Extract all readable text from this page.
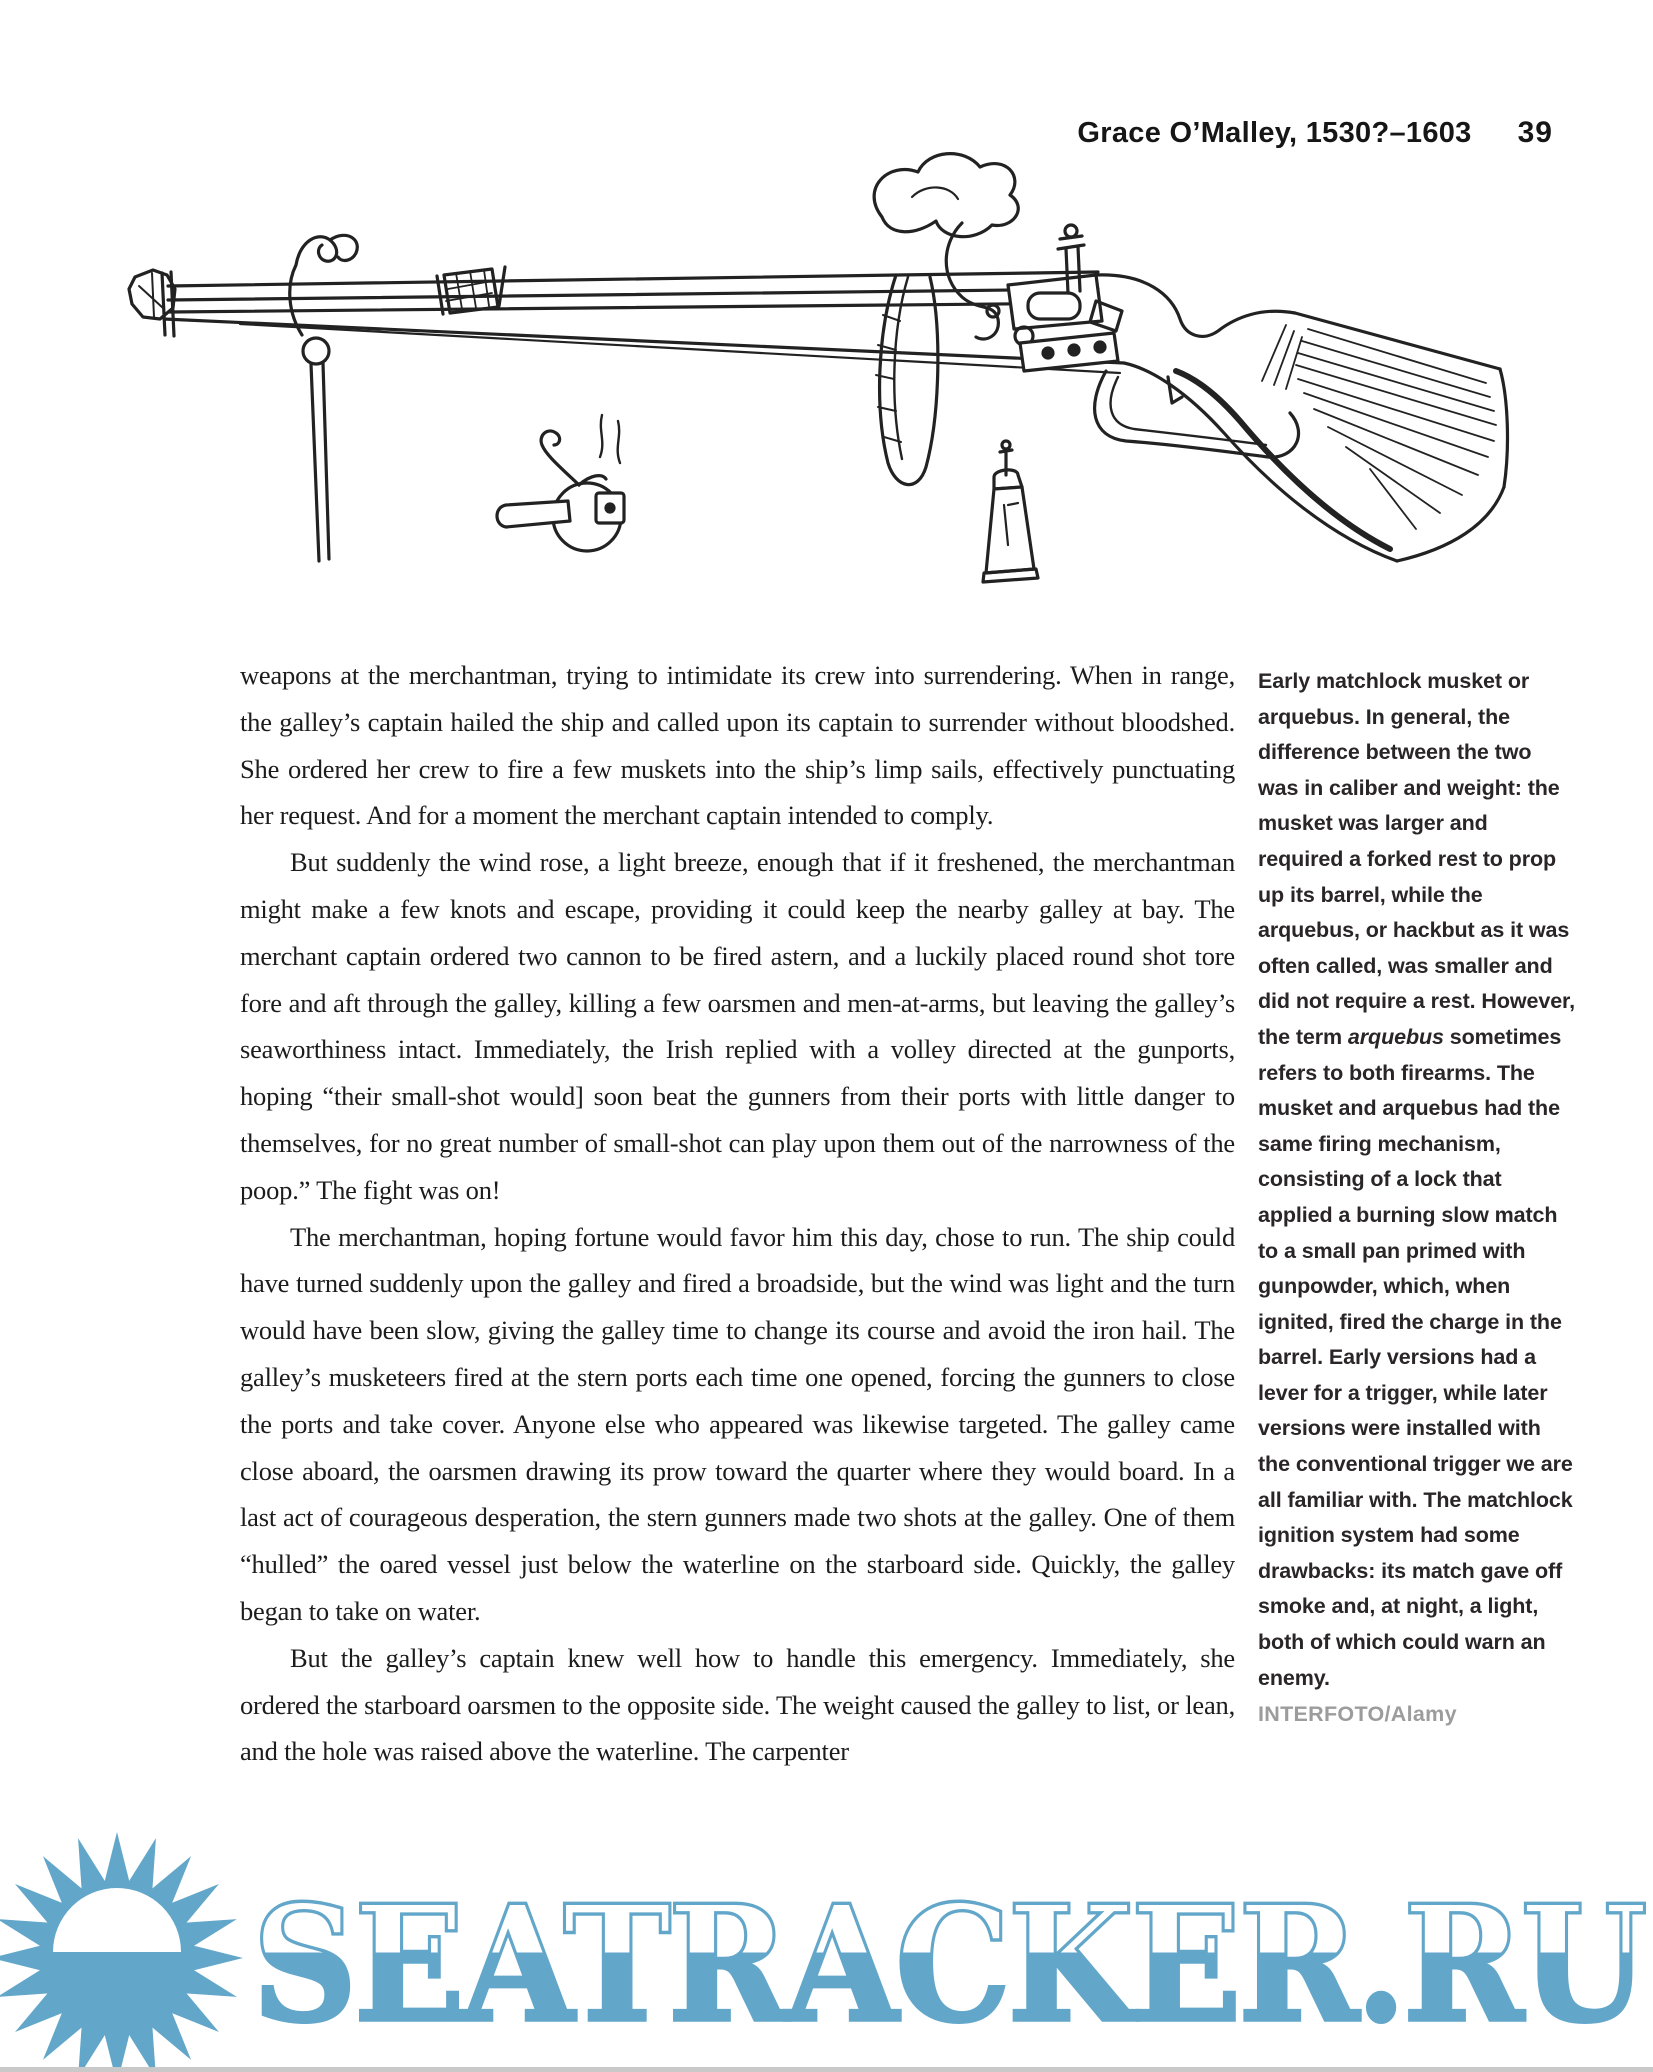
Grace O’Malley, 1530?–1603 39

weapons at the merchantman, trying to intimidate its crew into surrendering. When in range, the galley’s captain hailed the ship and called upon its captain to surrender without bloodshed. She ordered her crew to fire a few muskets into the ship’s limp sails, effectively punctuating her request. And for a moment the merchant captain intended to comply.

But suddenly the wind rose, a light breeze, enough that if it freshened, the merchantman might make a few knots and escape, providing it could keep the nearby galley at bay. The merchant captain ordered two cannon to be fired astern, and a luckily placed round shot tore fore and aft through the galley, killing a few oarsmen and men-at-arms, but leaving the galley’s seaworthiness intact. Immediately, the Irish replied with a volley directed at the gunports, hoping “their small-shot would] soon beat the gunners from their ports with little danger to themselves, for no great number of small-shot can play upon them out of the narrowness of the poop.” The fight was on!

The merchantman, hoping fortune would favor him this day, chose to run. The ship could have turned suddenly upon the galley and fired a broadside, but the wind was light and the turn would have been slow, giving the galley time to change its course and avoid the iron hail. The galley’s musketeers fired at the stern ports each time one opened, forcing the gunners to close the ports and take cover. Anyone else who appeared was likewise targeted. The galley came close aboard, the oarsmen drawing its prow toward the quarter where they would board. In a last act of courageous desperation, the stern gunners made two shots at the galley. One of them “hulled” the oared vessel just below the waterline on the starboard side. Quickly, the galley began to take on water.

But the galley’s captain knew well how to handle this emergency. Immediately, she ordered the starboard oarsmen to the opposite side. The weight caused the galley to list, or lean, and the hole was raised above the waterline. The carpenter

Early matchlock musket or arquebus. In general, the difference between the two was in caliber and weight: the musket was larger and required a forked rest to prop up its barrel, while the arquebus, or hackbut as it was often called, was smaller and did not require a rest. However, the term arquebus sometimes refers to both firearms. The musket and arquebus had the same firing mechanism, consisting of a lock that applied a burning slow match to a small pan primed with gunpowder, which, when ignited, fired the charge in the barrel. Early versions had a lever for a trigger, while later versions were installed with the conventional trigger we are all familiar with. The matchlock ignition system had some drawbacks: its match gave off smoke and, at night, a light, both of which could warn an enemy.
INTERFOTO/Alamy
SEATRACKER.RU
